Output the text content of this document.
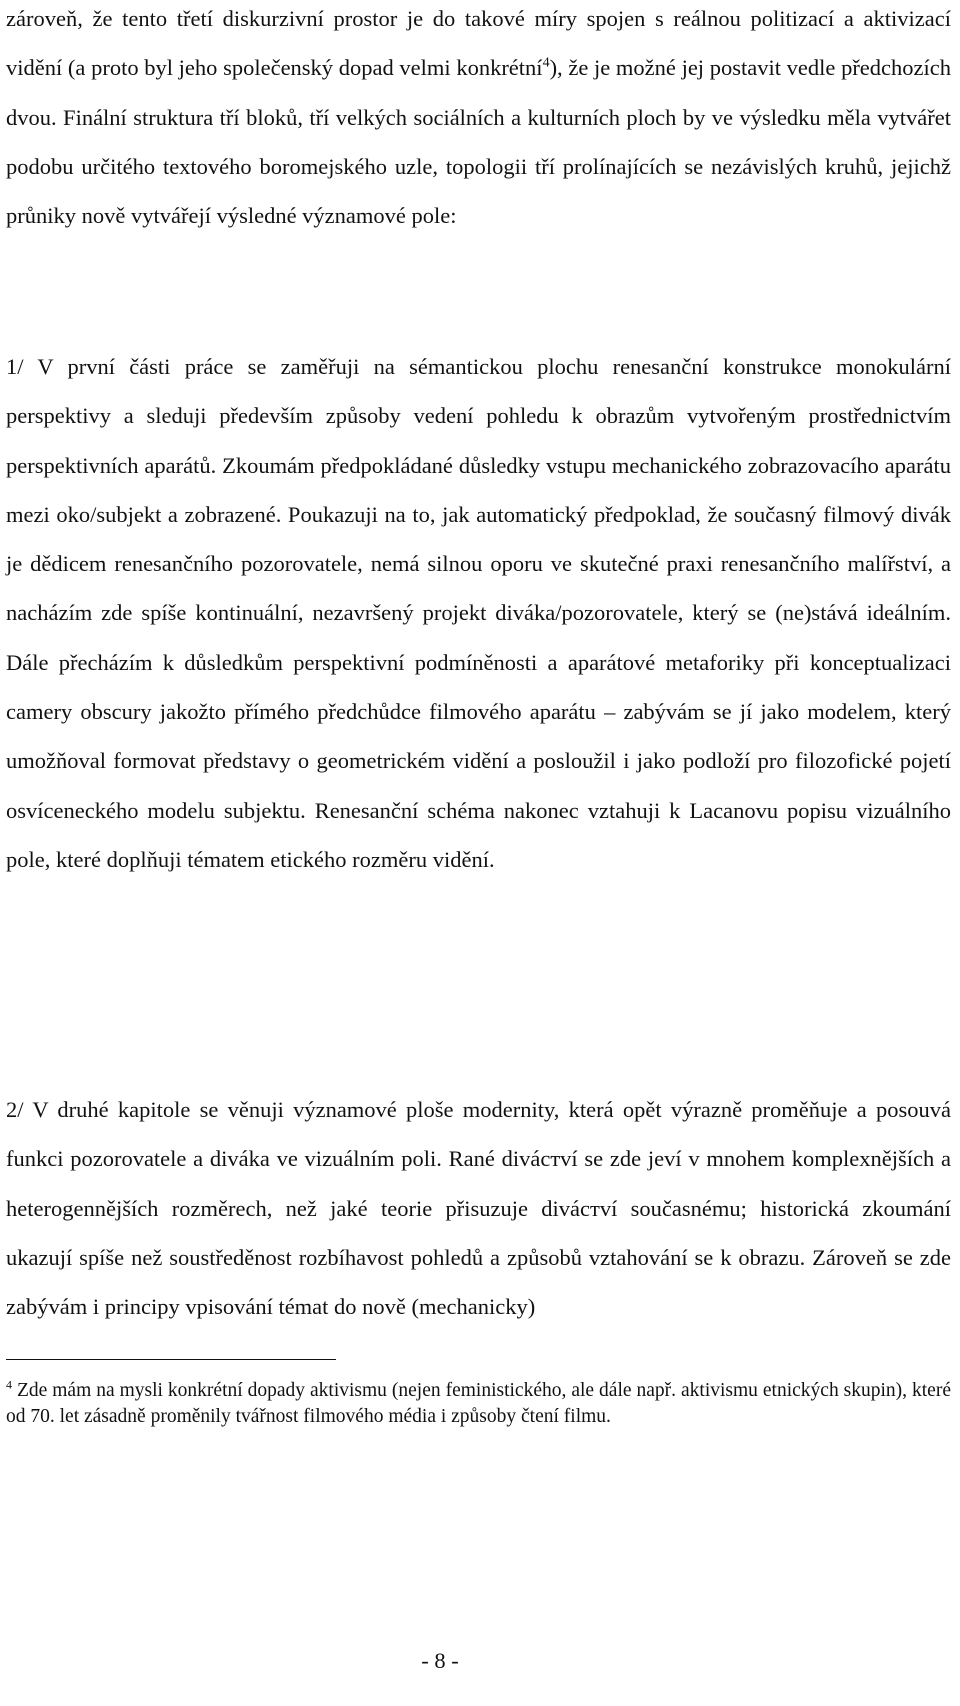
zároveň, že tento třetí diskurzivní prostor je do takové míry spojen s reálnou politizací a aktivizací vidění (a proto byl jeho společenský dopad velmi konkrétní$^4$), že je možné jej postavit vedle předchozích dvou. Finální struktura tří bloků, tří velkých sociálních a kulturních ploch by ve výsledku měla vytvářet podobu určitého textového boromejského uzle, topologii tří prolínajících se nezávislých kruhů, jejichž průniky nově vytvářejí výsledné významové pole:

1/ V první části práce se zaměřuji na sémantickou plochu renesanční konstrukce monokulární perspektivy a sleduji především způsoby vedení pohledu k obrazům vytvořeným prostřednictvím perspektivních aparátů. Zkoumám předpokládané důsledky vstupu mechanického zobrazovacího aparátu mezi oko/subjekt a zobrazené. Poukazuji na to, jak automatický předpoklad, že současný filmový divák je dědicem renesančního pozorovatele, nemá silnou oporu ve skutečné praxi renesančního malířství, a nacházím zde spíše kontinuální, nezavršený projekt diváka/pozorovatele, který se (ne)stává ideálním. Dále přecházím k důsledkům perspektivní podmíněnosti a aparátové metaforiky při konceptualizaci camery obscury jakožto přímého předchůdce filmového aparátu – zabývám se jí jako modelem, který umožňoval formovat představy o geometrickém vidění a posloužil i jako podloží pro filozofické pojetí osvíceneckého modelu subjektu. Renesanční schéma nakonec vztahuji k Lacanovu popisu vizuálního pole, které doplňuji tématem etického rozměru vidění.

2/ V druhé kapitole se věnuji významové ploše modernity, která opět výrazně proměňuje a posouvá funkci pozorovatele a diváka ve vizuálním poli. Rané divácтví se zde jeví v mnohem komplexnějších a heterogennějších rozměrech, než jaké teorie přisuzuje divácтví současnému; historická zkoumání ukazují spíše než soustředěnost rozbíhavost pohledů a způsobů vztahování se k obrazu. Zároveň se zde zabývám i principy vpisování témat do nově (mechanicky)

$^4$ Zde mám na mysli konkrétní dopady aktivismu (nejen feministického, ale dále např. aktivismu etnických skupin), které od 70. let zásadně proměnily tvářnost filmového média i způsoby čtení filmu.

- 8 -
